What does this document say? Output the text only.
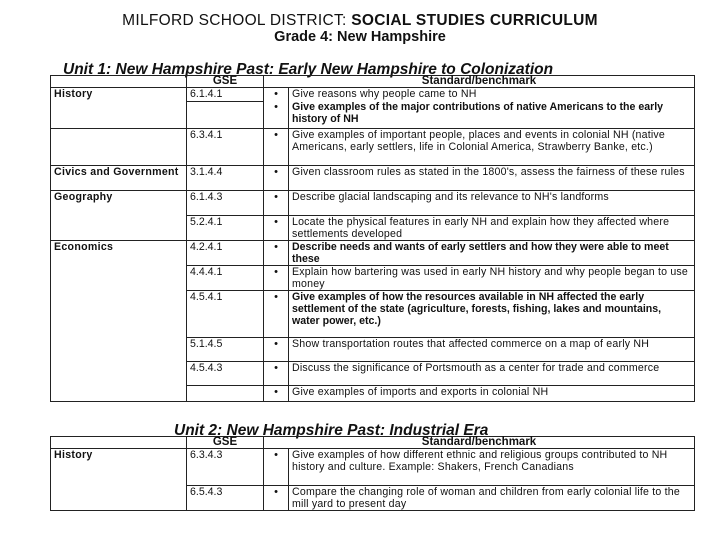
MILFORD SCHOOL DISTRICT: SOCIAL STUDIES CURRICULUM
Grade 4: New Hampshire
Unit 1: New Hampshire Past: Early New Hampshire to Colonization
	GSE	Standard/benchmark	
History	6.1.4.1	•	Give reasons why people came to NH
		•	Give examples of the major contributions of native Americans to the early history of NH
	6.3.4.1	•	Give examples of important people, places and events in colonial NH (native Americans, early settlers, life in Colonial America, Strawberry Banke, etc.)
Civics and Government	3.1.4.4	•	Given classroom rules as stated in the 1800's, assess the fairness of these rules
Geography	6.1.4.3	•	Describe glacial landscaping and its relevance to NH's landforms
	5.2.4.1	•	Locate the physical features in early NH and explain how they affected where settlements developed
Economics	4.2.4.1	•	Describe needs and wants of early settlers and how they were able to meet these
	4.4.4.1	•	Explain how bartering was used in early NH history and why people began to use money
	4.5.4.1	•	Give examples of how the resources available in NH affected the early settlement of the state (agriculture, forests, fishing, lakes and mountains, water power, etc.)
	5.1.4.5	•	Show transportation routes that affected commerce on a map of early NH
	4.5.4.3	•	Discuss the significance of Portsmouth as a center for trade and commerce
		•	Give examples of imports and exports in colonial NH
Unit 2: New Hampshire Past: Industrial Era
	GSE	Standard/benchmark	
History	6.3.4.3	•	Give examples of how different ethnic and religious groups contributed to NH history and culture. Example: Shakers, French Canadians
	6.5.4.3	•	Compare the changing role of woman and children from early colonial life to the mill yard to present day
